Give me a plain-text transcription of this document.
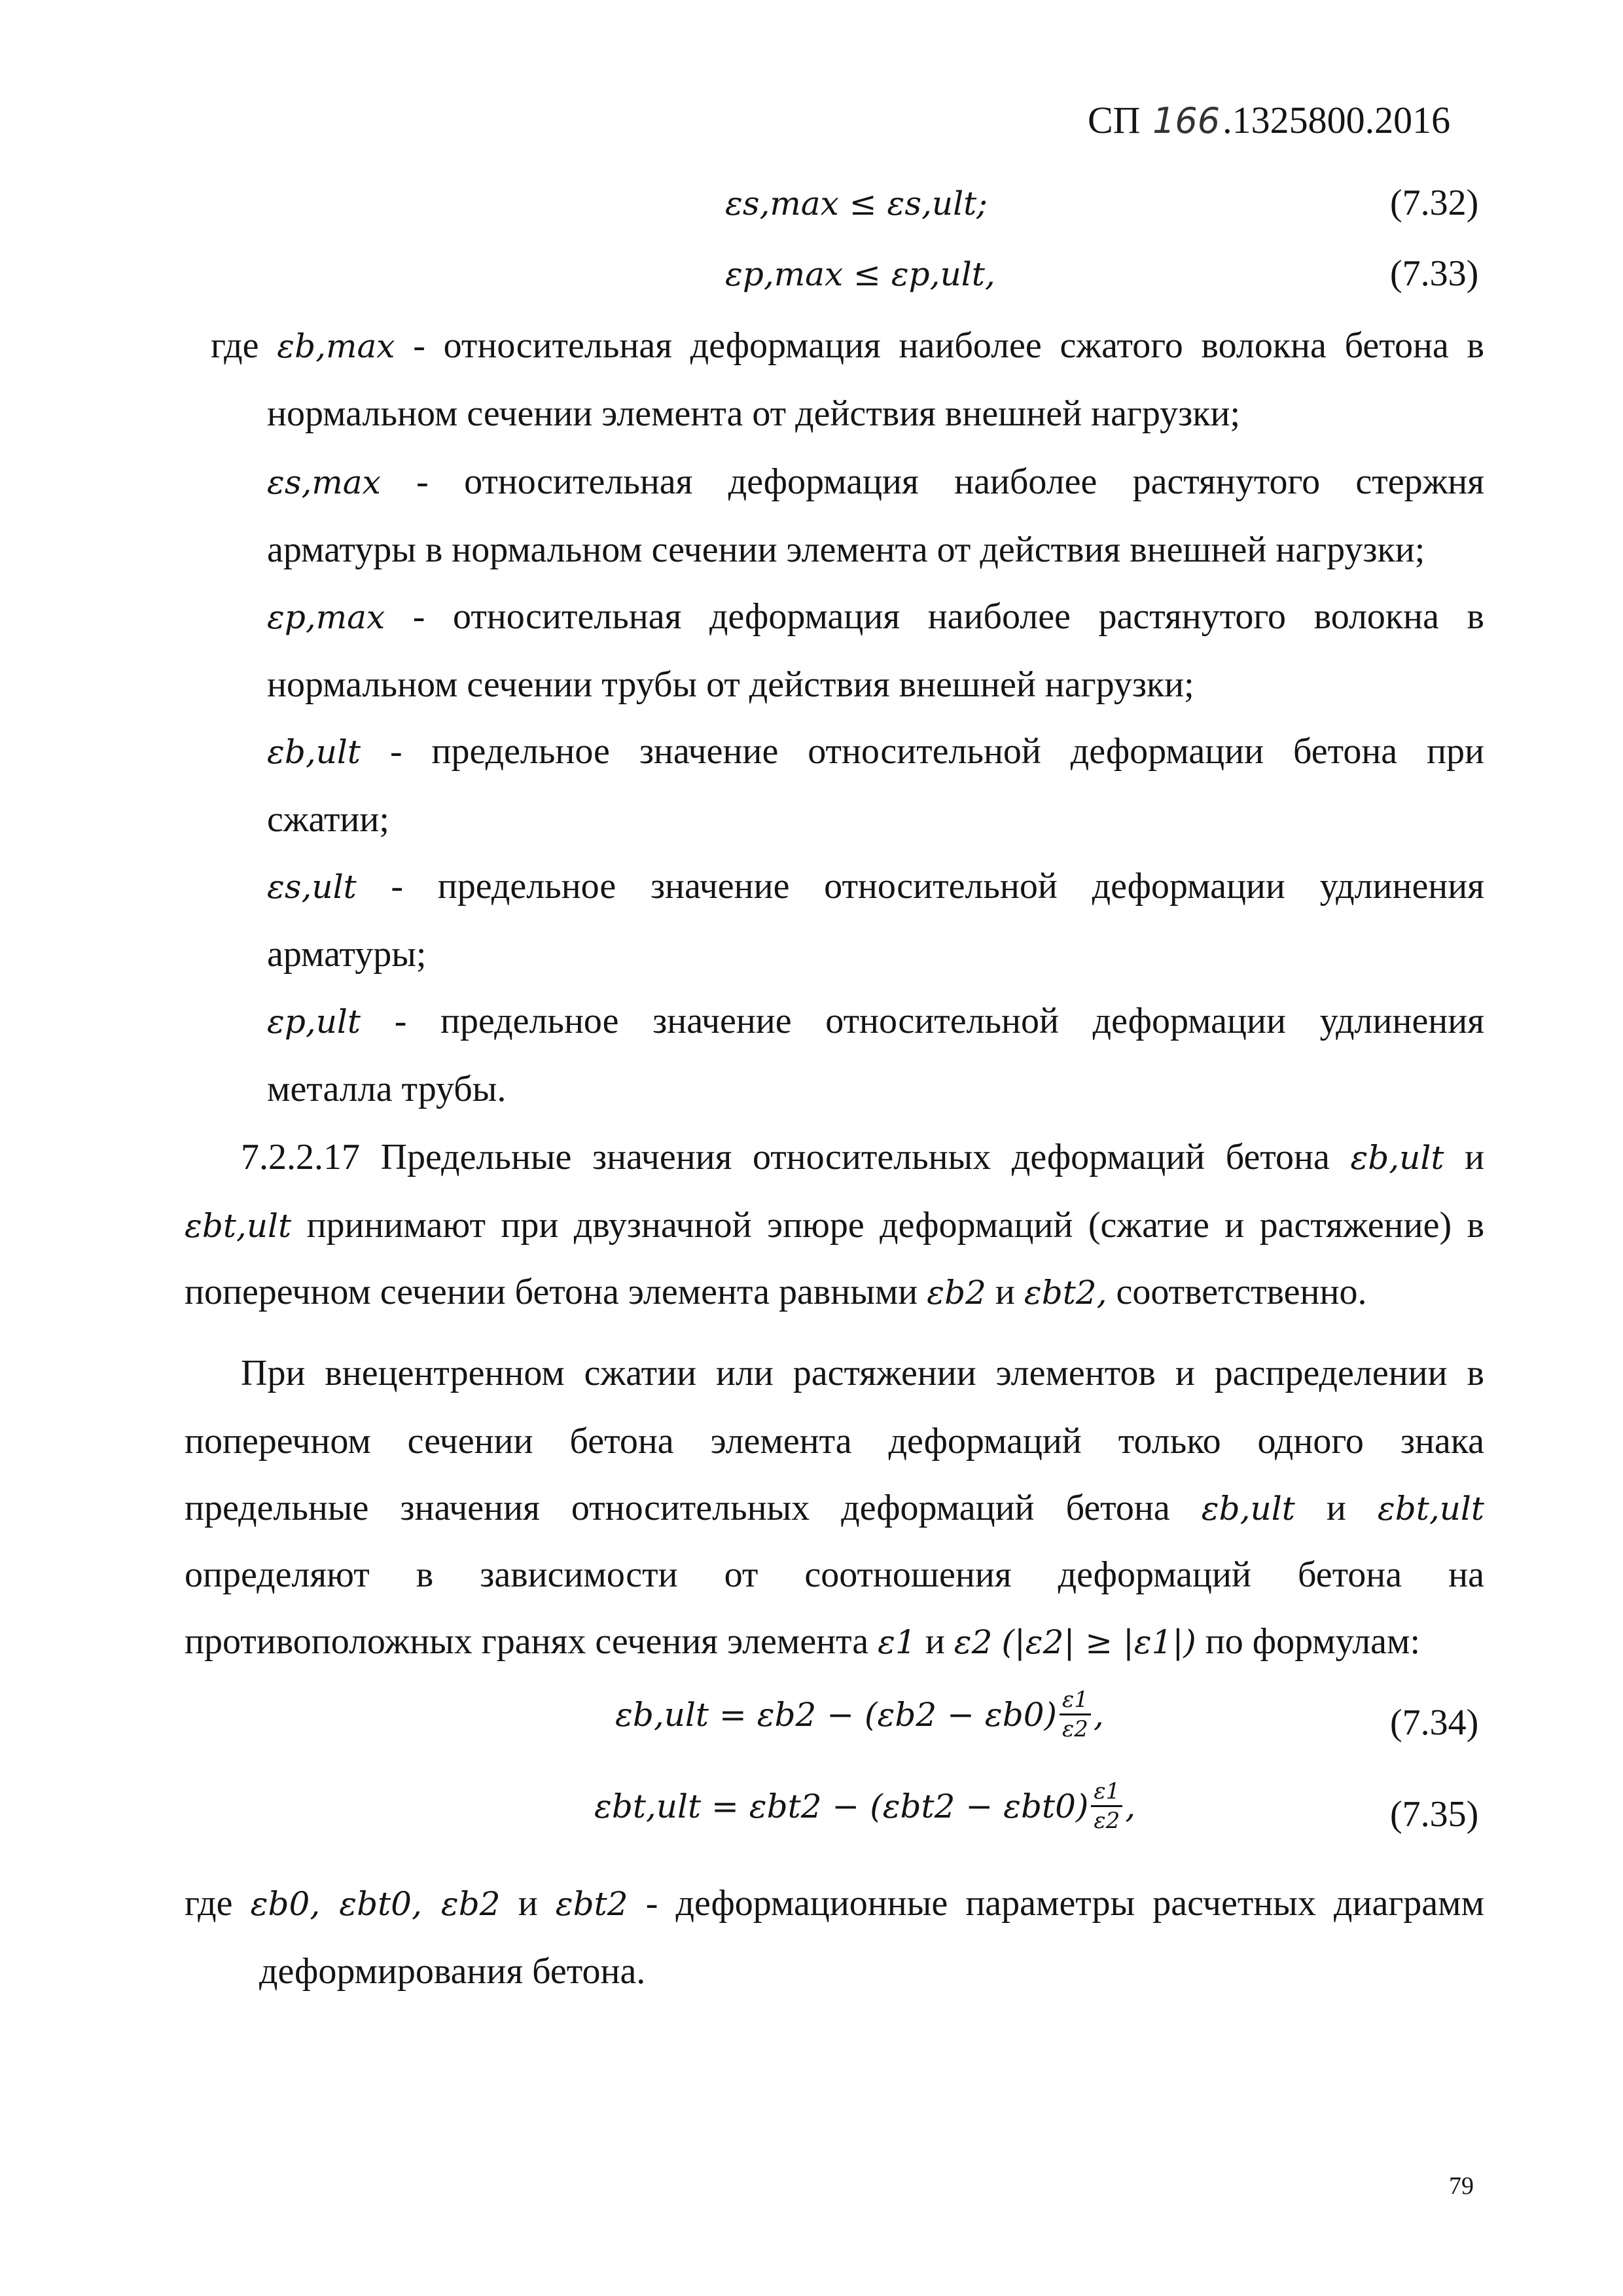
СП 166.1325800.2016
εs,max ≤ εs,ult;	(7.32)
εp,max ≤ εp,ult,	(7.33)
где εb,max - относительная деформация наиболее сжатого волокна бетона в
нормальном сечении элемента от действия внешней нагрузки;
εs,max - относительная деформация наиболее растянутого стержня
арматуры в нормальном сечении элемента от действия внешней нагрузки;
εp,max - относительная деформация наиболее растянутого волокна в
нормальном сечении трубы от действия внешней нагрузки;
εb,ult - предельное значение относительной деформации бетона при
сжатии;
εs,ult - предельное значение относительной деформации удлинения
арматуры;
εp,ult - предельное значение относительной деформации удлинения
металла трубы.
7.2.2.17 Предельные значения относительных деформаций бетона εb,ult и
εbt,ult принимают при двузначной эпюре деформаций (сжатие и растяжение) в
поперечном сечении бетона элемента равными εb2 и εbt2, соответственно.
При внецентренном сжатии или растяжении элементов и распределении в
поперечном сечении бетона элемента деформаций только одного знака
предельные значения относительных деформаций бетона εb,ult и εbt,ult
определяют в зависимости от соотношения деформаций бетона на
противоположных гранях сечения элемента ε1 и ε2 (|ε2| ≥ |ε1|) по формулам:
$\varepsilon b,ult = \varepsilon b2 - (\varepsilon b2 - \varepsilon b0) \frac{\varepsilon 1}{\varepsilon 2}$ ,	(7.34)
$\varepsilon bt,ult = \varepsilon bt2 - (\varepsilon bt2 - \varepsilon bt0) \frac{\varepsilon 1}{\varepsilon 2}$ ,	(7.35)
где εb0, εbt0, εb2 и εbt2 - деформационные параметры расчетных диаграмм
деформирования бетона.
79
